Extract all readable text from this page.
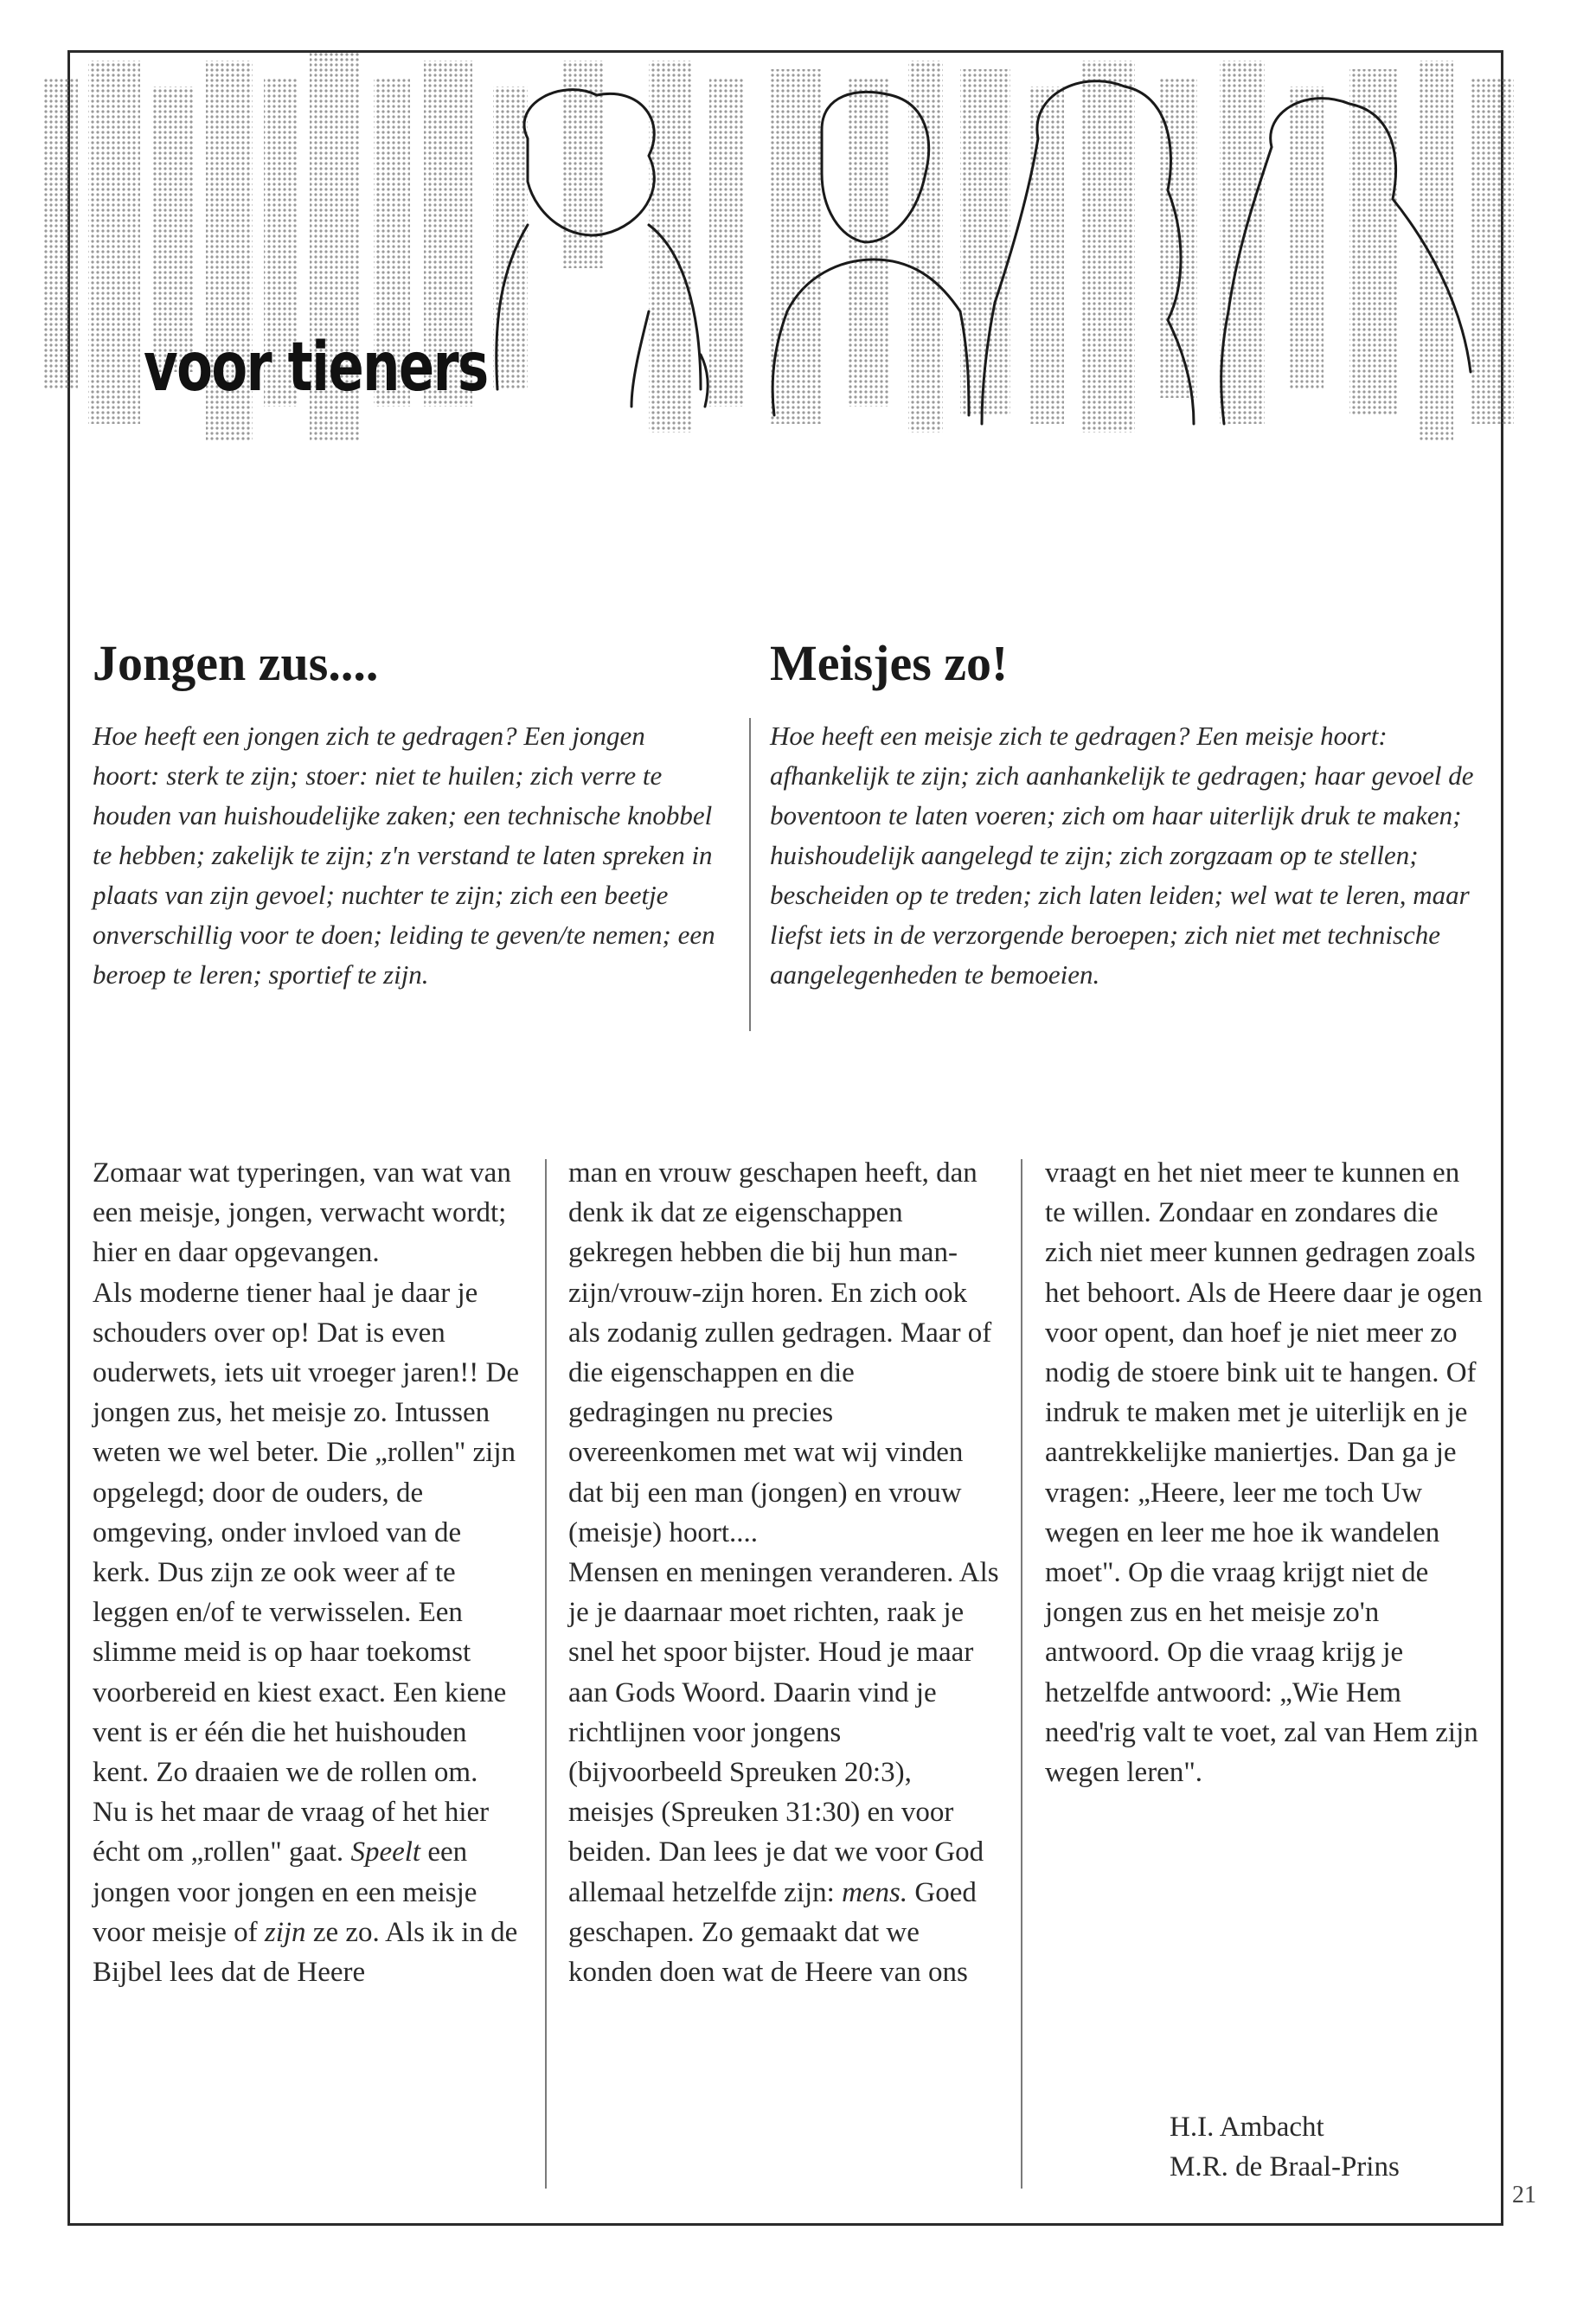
voor tieners
Jongen zus....

Hoe heeft een jongen zich te gedragen? Een jongen hoort: sterk te zijn; stoer: niet te huilen; zich verre te houden van huishoudelijke zaken; een technische knobbel te hebben; zakelijk te zijn; z'n verstand te laten spreken in plaats van zijn gevoel; nuchter te zijn; zich een beetje onverschillig voor te doen; leiding te geven/te nemen; een beroep te leren; sportief te zijn.

Meisjes zo!

Hoe heeft een meisje zich te gedragen? Een meisje hoort: afhankelijk te zijn; zich aanhankelijk te gedragen; haar gevoel de boventoon te laten voeren; zich om haar uiterlijk druk te maken; huishoudelijk aangelegd te zijn; zich zorgzaam op te stellen; bescheiden op te treden; zich laten leiden; wel wat te leren, maar liefst iets in de verzorgende beroepen; zich niet met technische aangelegenheden te bemoeien.

Zomaar wat typeringen, van wat van een meisje, jongen, verwacht wordt; hier en daar opgevangen.

Als moderne tiener haal je daar je schouders over op! Dat is even ouderwets, iets uit vroeger jaren!! De jongen zus, het meisje zo. Intussen weten we wel beter. Die „rollen" zijn opgelegd; door de ouders, de omgeving, onder invloed van de kerk. Dus zijn ze ook weer af te leggen en/of te verwisselen. Een slimme meid is op haar toekomst voorbereid en kiest exact. Een kiene vent is er één die het huishouden kent. Zo draaien we de rollen om.

Nu is het maar de vraag of het hier écht om „rollen" gaat. Speelt een jongen voor jongen en een meisje voor meisje of zijn ze zo. Als ik in de Bijbel lees dat de Heere

man en vrouw geschapen heeft, dan denk ik dat ze eigenschappen gekregen hebben die bij hun man-zijn/vrouw-zijn horen. En zich ook als zodanig zullen gedragen. Maar of die eigenschappen en die gedragingen nu precies overeenkomen met wat wij vinden dat bij een man (jongen) en vrouw (meisje) hoort....

Mensen en meningen veranderen. Als je je daarnaar moet richten, raak je snel het spoor bijster. Houd je maar aan Gods Woord. Daarin vind je richtlijnen voor jongens (bijvoorbeeld Spreuken 20:3), meisjes (Spreuken 31:30) en voor beiden. Dan lees je dat we voor God allemaal hetzelfde zijn: mens. Goed geschapen. Zo gemaakt dat we konden doen wat de Heere van ons

vraagt en het niet meer te kunnen en te willen. Zondaar en zondares die zich niet meer kunnen gedragen zoals het behoort. Als de Heere daar je ogen voor opent, dan hoef je niet meer zo nodig de stoere bink uit te hangen. Of indruk te maken met je uiterlijk en je aantrekkelijke maniertjes. Dan ga je vragen: „Heere, leer me toch Uw wegen en leer me hoe ik wandelen moet". Op die vraag krijgt niet de jongen zus en het meisje zo'n antwoord. Op die vraag krijg je hetzelfde antwoord: „Wie Hem need'rig valt te voet, zal van Hem zijn wegen leren".

H.I. Ambacht
M.R. de Braal-Prins
21
